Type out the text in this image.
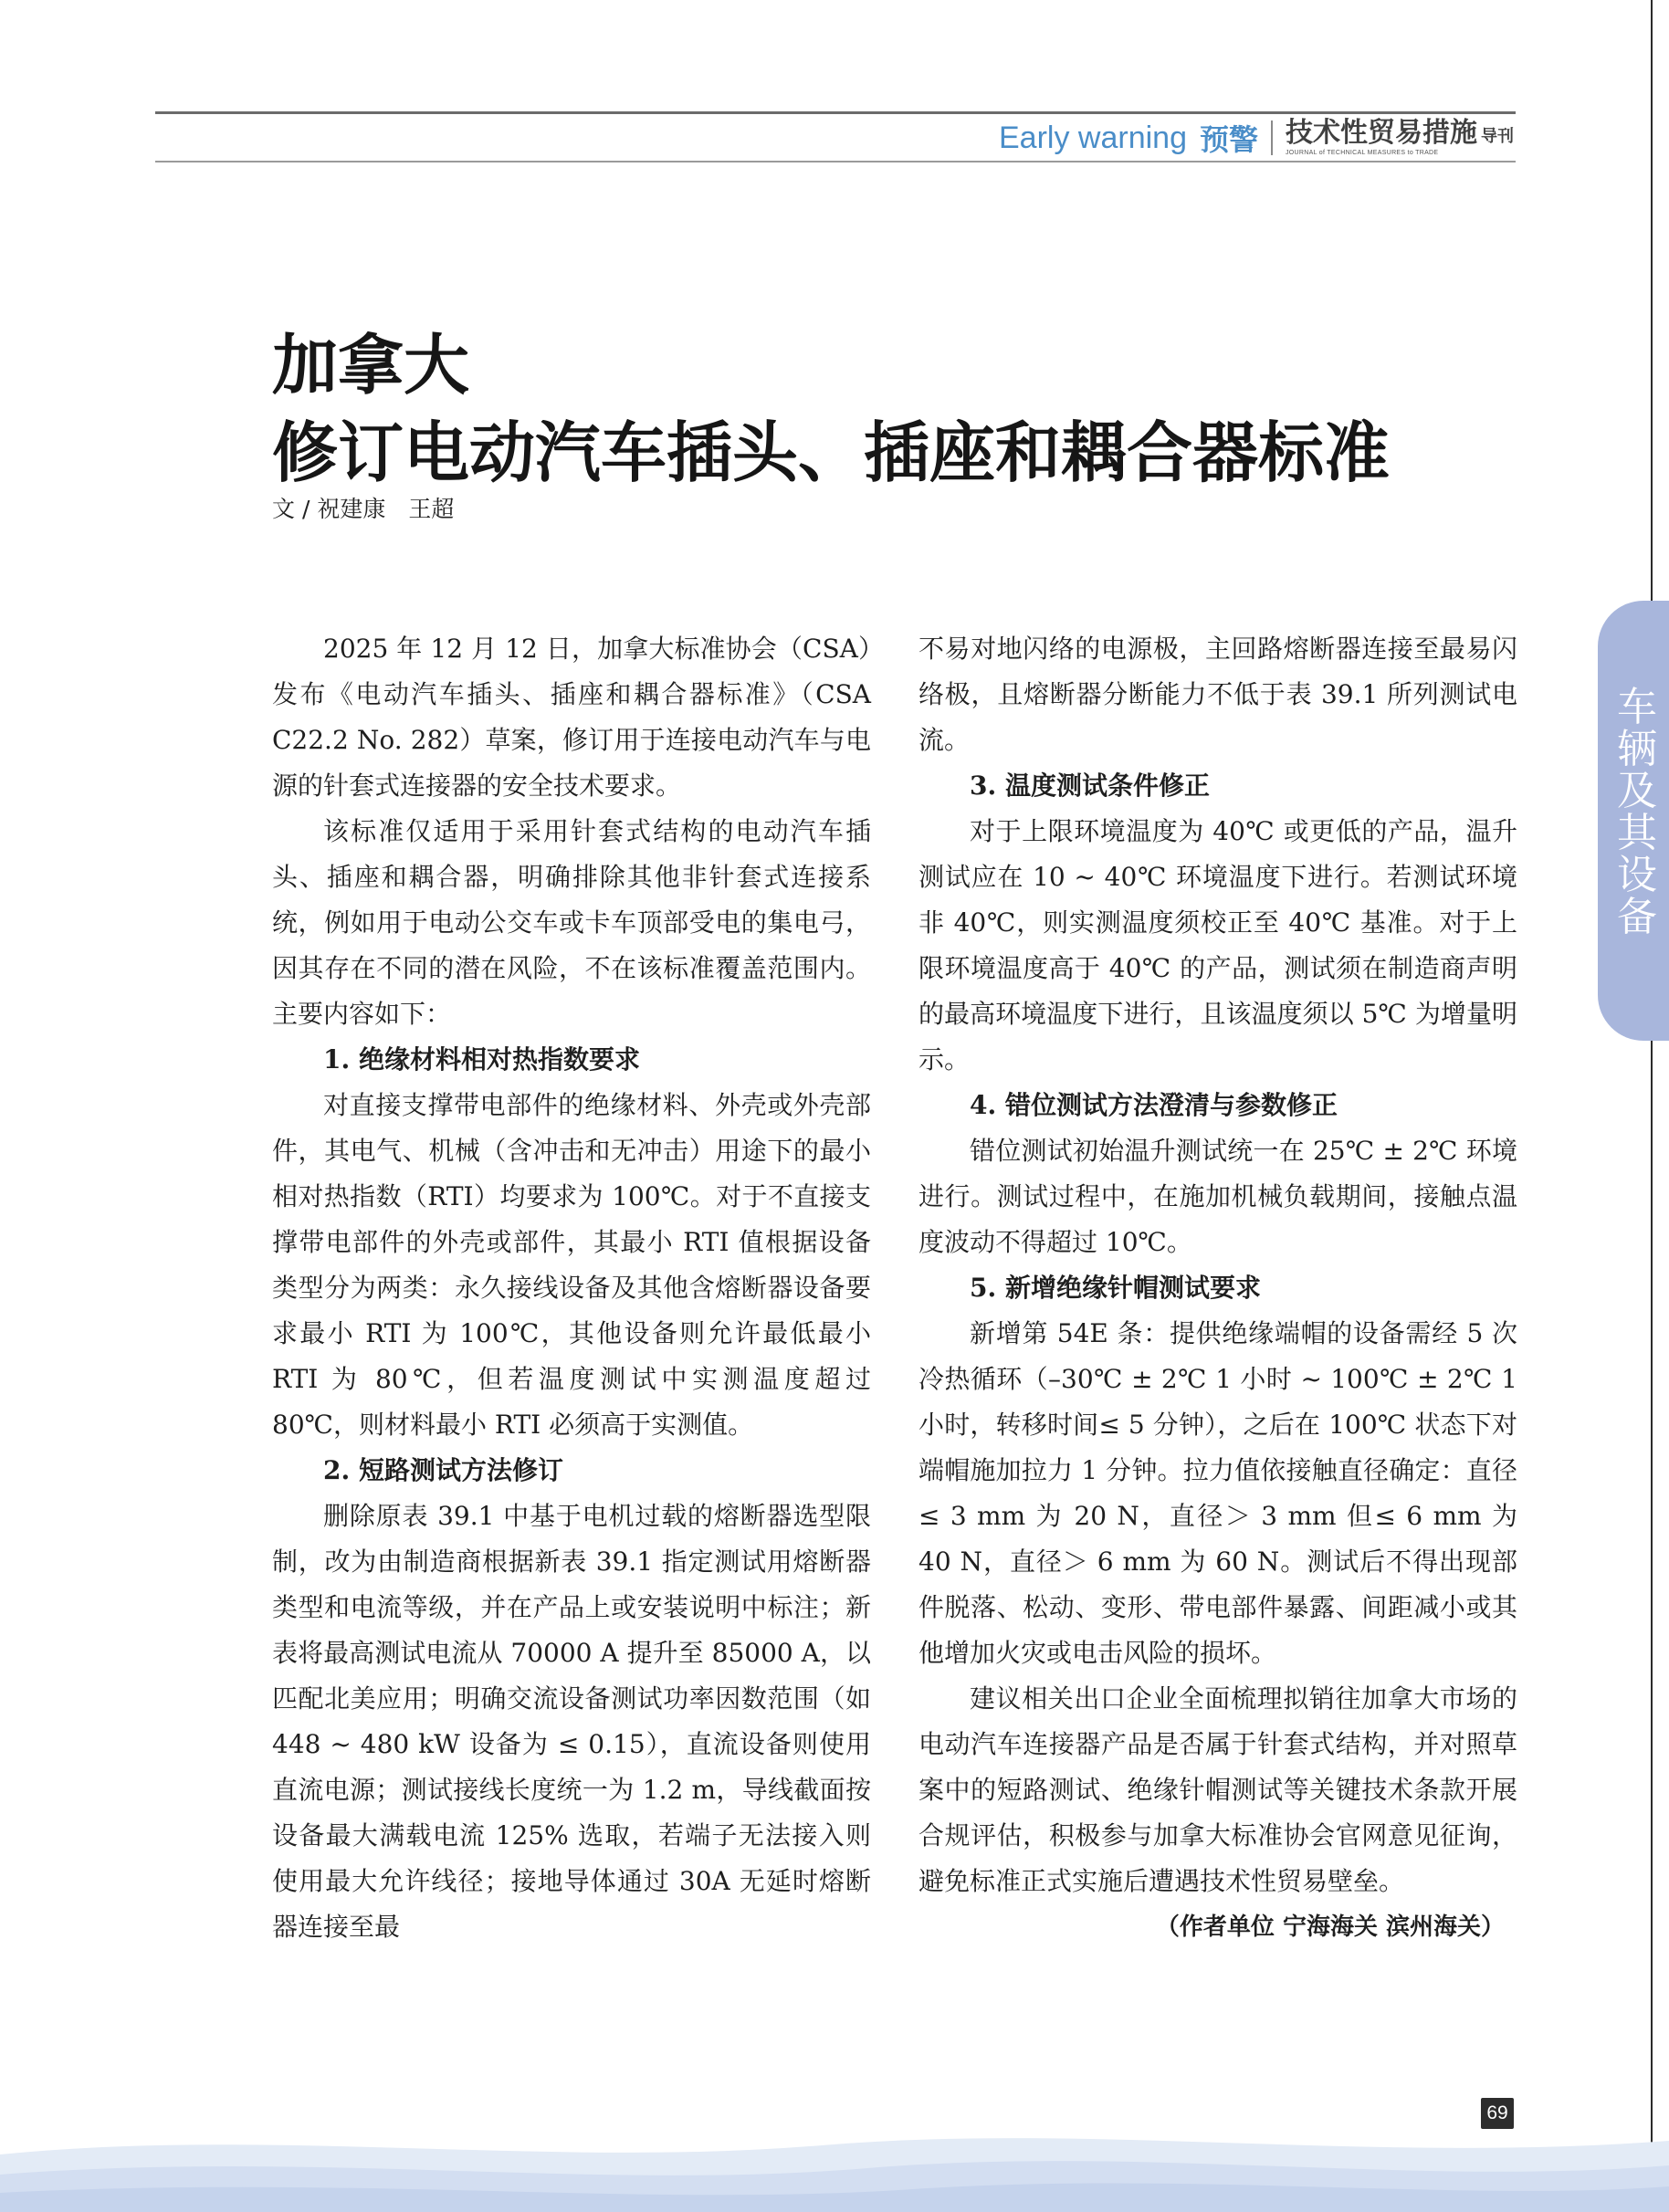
Early warning 预警 技术性贸易措施 导刊
JOURNAL of TECHNICAL MEASURES to TRADE
加拿大
修订电动汽车插头、插座和耦合器标准
文 / 祝建康　王超

2025 年 12 月 12 日，加拿大标准协会（CSA）发布《电动汽车插头、插座和耦合器标准》（CSA C22.2 No. 282）草案，修订用于连接电动汽车与电源的针套式连接器的安全技术要求。

该标准仅适用于采用针套式结构的电动汽车插头、插座和耦合器，明确排除其他非针套式连接系统，例如用于电动公交车或卡车顶部受电的集电弓，因其存在不同的潜在风险，不在该标准覆盖范围内。主要内容如下：

1. 绝缘材料相对热指数要求

对直接支撑带电部件的绝缘材料、外壳或外壳部件，其电气、机械（含冲击和无冲击）用途下的最小相对热指数（RTI）均要求为 100℃。对于不直接支撑带电部件的外壳或部件，其最小 RTI 值根据设备类型分为两类：永久接线设备及其他含熔断器设备要求最小 RTI 为 100℃，其他设备则允许最低最小 RTI 为 80℃，但若温度测试中实测温度超过 80℃，则材料最小 RTI 必须高于实测值。

2. 短路测试方法修订

删除原表 39.1 中基于电机过载的熔断器选型限制，改为由制造商根据新表 39.1 指定测试用熔断器类型和电流等级，并在产品上或安装说明中标注；新表将最高测试电流从 70000 A 提升至 85000 A，以匹配北美应用；明确交流设备测试功率因数范围（如 448 ~ 480 kW 设备为 ≤ 0.15），直流设备则使用直流电源；测试接线长度统一为 1.2 m，导线截面按设备最大满载电流 125% 选取，若端子无法接入则使用最大允许线径；接地导体通过 30A 无延时熔断器连接至最

不易对地闪络的电源极，主回路熔断器连接至最易闪络极，且熔断器分断能力不低于表 39.1 所列测试电流。

3. 温度测试条件修正

对于上限环境温度为 40℃ 或更低的产品，温升测试应在 10 ~ 40℃ 环境温度下进行。若测试环境非 40℃，则实测温度须校正至 40℃ 基准。对于上限环境温度高于 40℃ 的产品，测试须在制造商声明的最高环境温度下进行，且该温度须以 5℃ 为增量明示。

4. 错位测试方法澄清与参数修正

错位测试初始温升测试统一在 25℃ ± 2℃ 环境进行。测试过程中，在施加机械负载期间，接触点温度波动不得超过 10℃。

5. 新增绝缘针帽测试要求

新增第 54E 条：提供绝缘端帽的设备需经 5 次冷热循环（–30℃ ± 2℃ 1 小时 ~ 100℃ ± 2℃ 1 小时，转移时间≤ 5 分钟），之后在 100℃ 状态下对端帽施加拉力 1 分钟。拉力值依接触直径确定：直径≤ 3 mm 为 20 N，直径＞ 3 mm 但≤ 6 mm 为 40 N，直径＞ 6 mm 为 60 N。测试后不得出现部件脱落、松动、变形、带电部件暴露、间距减小或其他增加火灾或电击风险的损坏。

建议相关出口企业全面梳理拟销往加拿大市场的电动汽车连接器产品是否属于针套式结构，并对照草案中的短路测试、绝缘针帽测试等关键技术条款开展合规评估，积极参与加拿大标准协会官网意见征询，避免标准正式实施后遭遇技术性贸易壁垒。

（作者单位 宁海海关 滨州海关）
车辆及其设备
69
